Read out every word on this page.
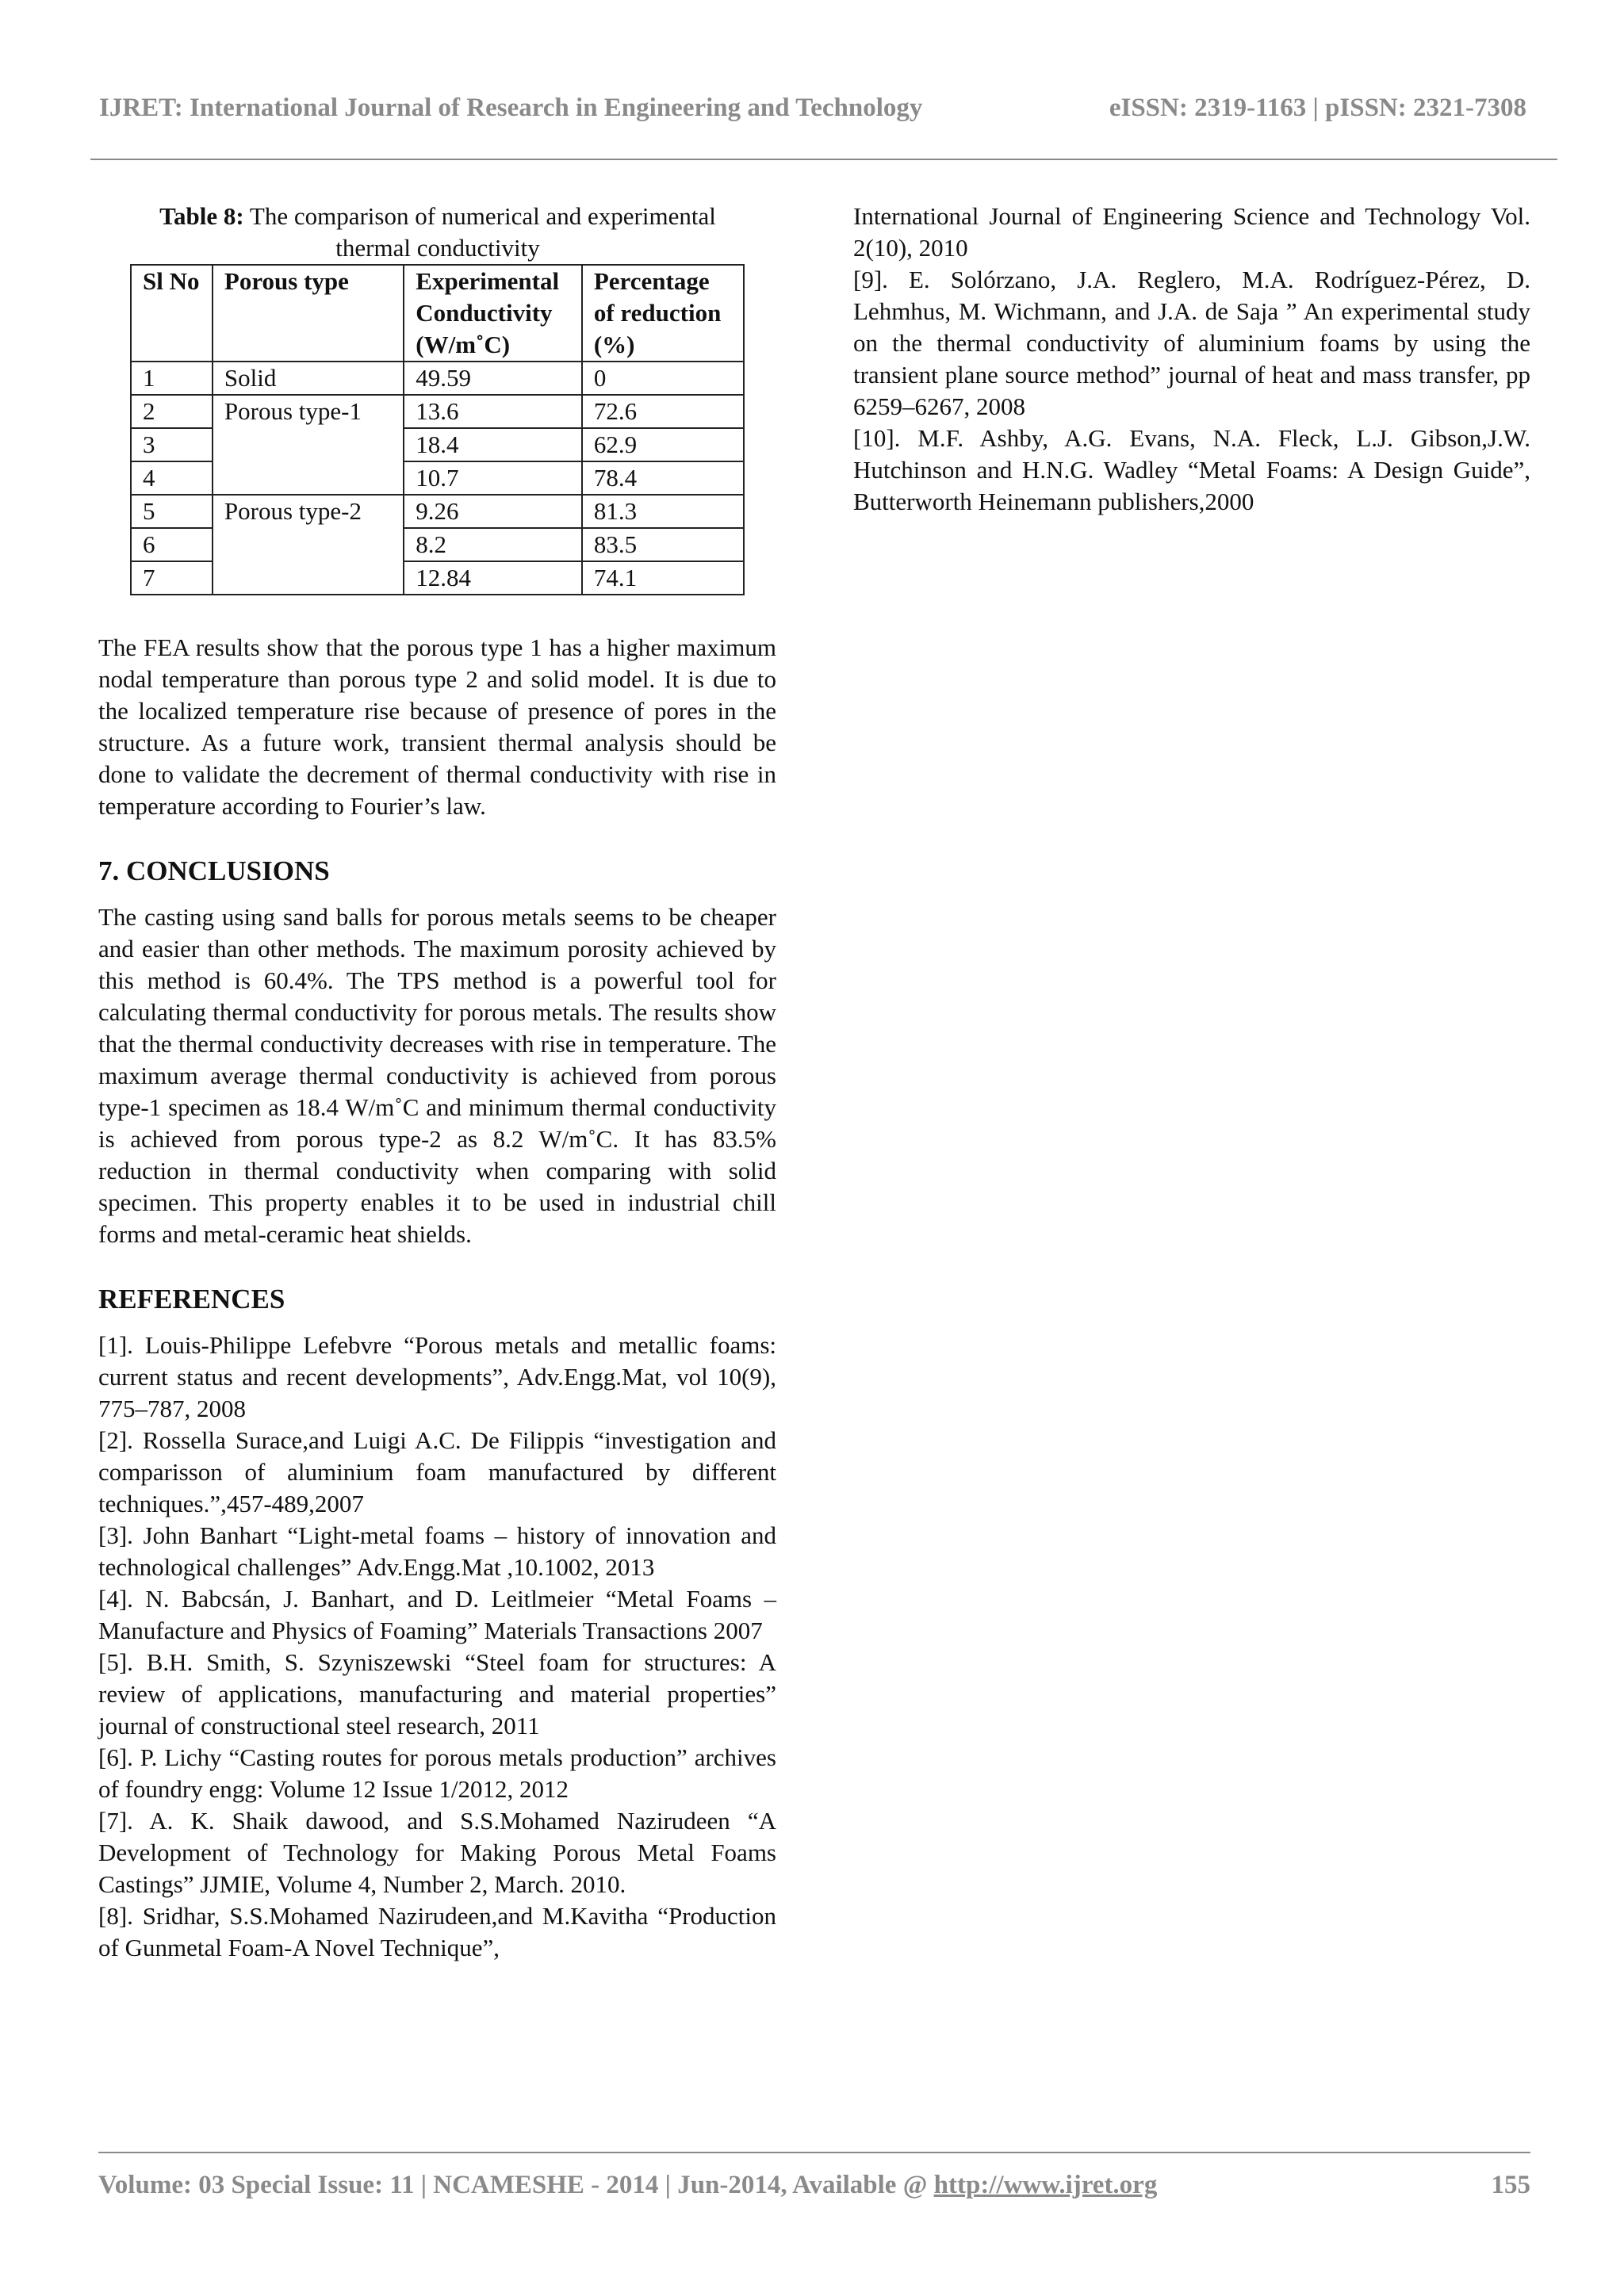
IJRET: International Journal of Research in Engineering and Technology	eISSN: 2319-1163 | pISSN: 2321-7308
Table 8: The comparison of numerical and experimental thermal conductivity
Sl No	Porous type	Experimental Conductivity (W/m˚C)	Percentage of reduction (%)
1	Solid	49.59	0
2	Porous type-1	13.6	72.6
3		18.4	62.9
4		10.7	78.4
5	Porous type-2	9.26	81.3
6		8.2	83.5
7		12.84	74.1

The FEA results show that the porous type 1 has a higher maximum nodal temperature than porous type 2 and solid model. It is due to the localized temperature rise because of presence of pores in the structure. As a future work, transient thermal analysis should be done to validate the decrement of thermal conductivity with rise in temperature according to Fourier’s law.

7. CONCLUSIONS

The casting using sand balls for porous metals seems to be cheaper and easier than other methods. The maximum porosity achieved by this method is 60.4%. The TPS method is a powerful tool for calculating thermal conductivity for porous metals. The results show that the thermal conductivity decreases with rise in temperature. The maximum average thermal conductivity is achieved from porous type-1 specimen as 18.4 W/m˚C and minimum thermal conductivity is achieved from porous type-2 as 8.2 W/m˚C. It has 83.5% reduction in thermal conductivity when comparing with solid specimen. This property enables it to be used in industrial chill forms and metal-ceramic heat shields.

REFERENCES

[1]. Louis-Philippe Lefebvre “Porous metals and metallic foams: current status and recent developments”, Adv.Engg.Mat, vol 10(9), 775–787, 2008

[2]. Rossella Surace,and Luigi A.C. De Filippis “investigation and comparisson of aluminium foam manufactured by different techniques.”,457-489,2007

[3]. John Banhart “Light-metal foams – history of innovation and technological challenges” Adv.Engg.Mat ,10.1002, 2013

[4]. N. Babcsán, J. Banhart, and D. Leitlmeier “Metal Foams – Manufacture and Physics of Foaming” Materials Transactions 2007

[5]. B.H. Smith, S. Szyniszewski “Steel foam for structures: A review of applications, manufacturing and material properties” journal of constructional steel research, 2011

[6]. P. Lichy “Casting routes for porous metals production” archives of foundry engg: Volume 12 Issue 1/2012, 2012

[7]. A. K. Shaik dawood, and S.S.Mohamed Nazirudeen “A Development of Technology for Making Porous Metal Foams Castings” JJMIE, Volume 4, Number 2, March. 2010.

[8]. Sridhar, S.S.Mohamed Nazirudeen,and M.Kavitha “Production of Gunmetal Foam-A Novel Technique”,

International Journal of Engineering Science and Technology Vol. 2(10), 2010

[9]. E. Solórzano, J.A. Reglero, M.A. Rodríguez-Pérez, D. Lehmhus, M. Wichmann, and J.A. de Saja ” An experimental study on the thermal conductivity of aluminium foams by using the transient plane source method” journal of heat and mass transfer, pp 6259–6267, 2008

[10]. M.F. Ashby, A.G. Evans, N.A. Fleck, L.J. Gibson,J.W. Hutchinson and H.N.G. Wadley “Metal Foams: A Design Guide”, Butterworth Heinemann publishers,2000

Volume: 03 Special Issue: 11 | NCAMESHE - 2014 | Jun-2014, Available @ http://www.ijret.org	155
